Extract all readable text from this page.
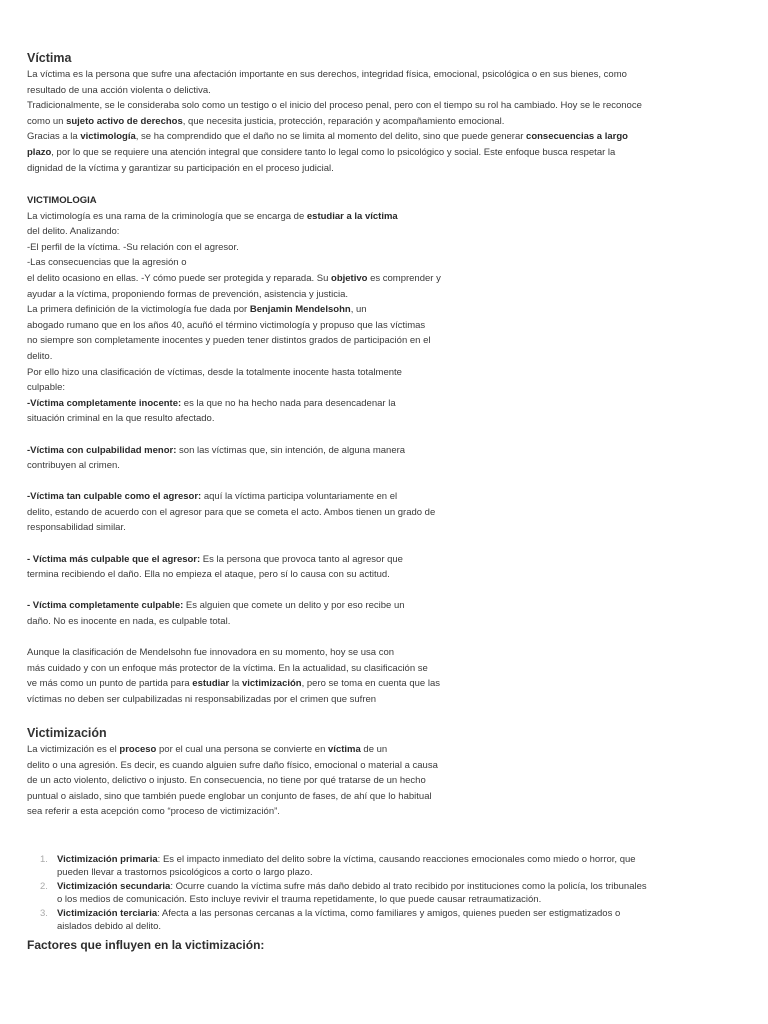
Víctima
La víctima es la persona que sufre una afectación importante en sus derechos, integridad física, emocional, psicológica o en sus bienes, como
resultado de una acción violenta o delictiva.
Tradicionalmente, se le consideraba solo como un testigo o el inicio del proceso penal, pero con el tiempo su rol ha cambiado. Hoy se le reconoce
como un sujeto activo de derechos, que necesita justicia, protección, reparación y acompañamiento emocional.
Gracias a la victimología, se ha comprendido que el daño no se limita al momento del delito, sino que puede generar consecuencias a largo
plazo, por lo que se requiere una atención integral que considere tanto lo legal como lo psicológico y social. Este enfoque busca respetar la
dignidad de la víctima y garantizar su participación en el proceso judicial.
VICTIMOLOGIA
La victimología es una rama de la criminología que se encarga de estudiar a la víctima
del delito. Analizando:
-El perfil de la víctima. -Su relación con el agresor.
-Las consecuencias que la agresión o
el delito ocasiono en ellas. -Y cómo puede ser protegida y reparada. Su objetivo es comprender y
ayudar a la víctima, proponiendo formas de prevención, asistencia y justicia.
La primera definición de la victimología fue dada por Benjamin Mendelsohn, un
abogado rumano que en los años 40, acuñó el término victimología y propuso que las víctimas
no siempre son completamente inocentes y pueden tener distintos grados de participación en el
delito.
Por ello hizo una clasificación de víctimas, desde la totalmente inocente hasta totalmente
culpable:
-Víctima completamente inocente: es la que no ha hecho nada para desencadenar la
situación criminal en la que resulto afectado.
-Víctima con culpabilidad menor: son las víctimas que, sin intención, de alguna manera
contribuyen al crimen.
-Víctima tan culpable como el agresor: aquí la víctima participa voluntariamente en el
delito, estando de acuerdo con el agresor para que se cometa el acto. Ambos tienen un grado de
responsabilidad similar.
- Víctima más culpable que el agresor: Es la persona que provoca tanto al agresor que
termina recibiendo el daño. Ella no empieza el ataque, pero sí lo causa con su actitud.
- Víctima completamente culpable: Es alguien que comete un delito y por eso recibe un
daño. No es inocente en nada, es culpable total.
Aunque la clasificación de Mendelsohn fue innovadora en su momento, hoy se usa con
más cuidado y con un enfoque más protector de la víctima. En la actualidad, su clasificación se
ve más como un punto de partida para estudiar la victimización, pero se toma en cuenta que las
víctimas no deben ser culpabilizadas ni responsabilizadas por el crimen que sufren
Victimización
La victimización es el proceso por el cual una persona se convierte en víctima de un
delito o una agresión. Es decir, es cuando alguien sufre daño físico, emocional o material a causa
de un acto violento, delictivo o injusto. En consecuencia, no tiene por qué tratarse de un hecho
puntual o aislado, sino que también puede englobar un conjunto de fases, de ahí que lo habitual
sea referir a esta acepción como “proceso de victimización”.
1. Victimización primaria: Es el impacto inmediato del delito sobre la víctima, causando reacciones emocionales como miedo o horror, que
pueden llevar a trastornos psicológicos a corto o largo plazo.
2. Victimización secundaria: Ocurre cuando la víctima sufre más daño debido al trato recibido por instituciones como la policía, los tribunales
o los medios de comunicación. Esto incluye revivir el trauma repetidamente, lo que puede causar retraumatización.
3. Victimización terciaria: Afecta a las personas cercanas a la víctima, como familiares y amigos, quienes pueden ser estigmatizados o
aislados debido al delito.
Factores que influyen en la victimización:
